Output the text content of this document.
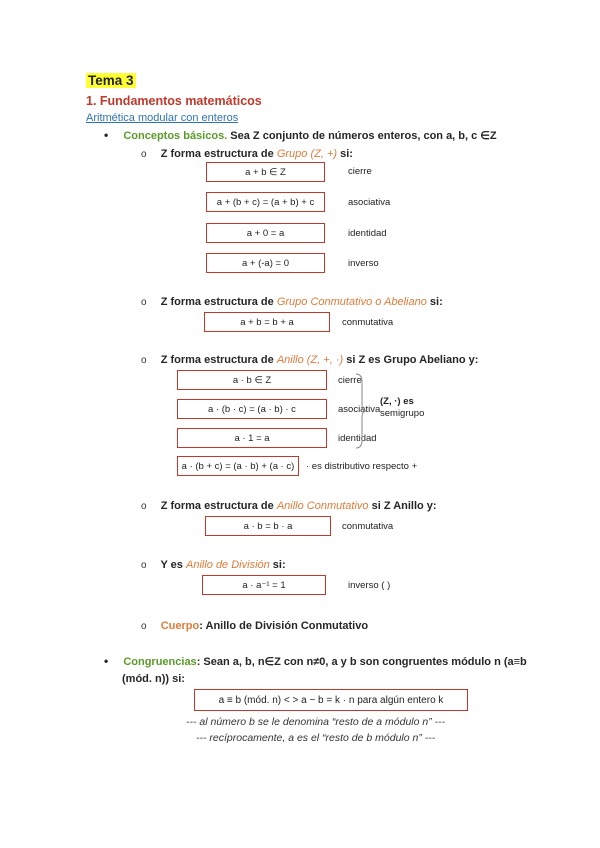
Tema 3
1. Fundamentos matemáticos
Aritmética modular con enteros
• Conceptos básicos. Sea Z conjunto de números enteros, con a, b, c ∈Z
o Z forma estructura de Grupo (Z, +) si:
a + b ∈ Z	cierre
a + (b + c) = (a + b) + c	asociativa
a + 0 = a	identidad
a + (-a) = 0	inverso
o Z forma estructura de Grupo Conmutativo o Abeliano si:
a + b = b + a	conmutativa
o Z forma estructura de Anillo (Z, +, ·) si Z es Grupo Abeliano y:
a · b ∈ Z	cierre
a · (b · c) = (a · b) · c	asociativa
a · 1 = a	identidad
a · (b + c) = (a · b) + (a · c)	· es distributivo respecto +
(Z, ·) es
semigrupo
o Z forma estructura de Anillo Conmutativo si Z Anillo y:
a · b = b · a	conmutativa
o Y es Anillo de División si:
a · a⁻¹ = 1	inverso ( )
o Cuerpo: Anillo de División Conmutativo
• Congruencias: Sean a, b, n∈Z con n≠0, a y b son congruentes módulo n (a≡b
(mód. n)) si:
a ≡ b (mód. n) < > a − b = k · n para algún entero k
--- al número b se le denomina “resto de a módulo n” ---
--- recíprocamente, a es el “resto de b módulo n” ---
